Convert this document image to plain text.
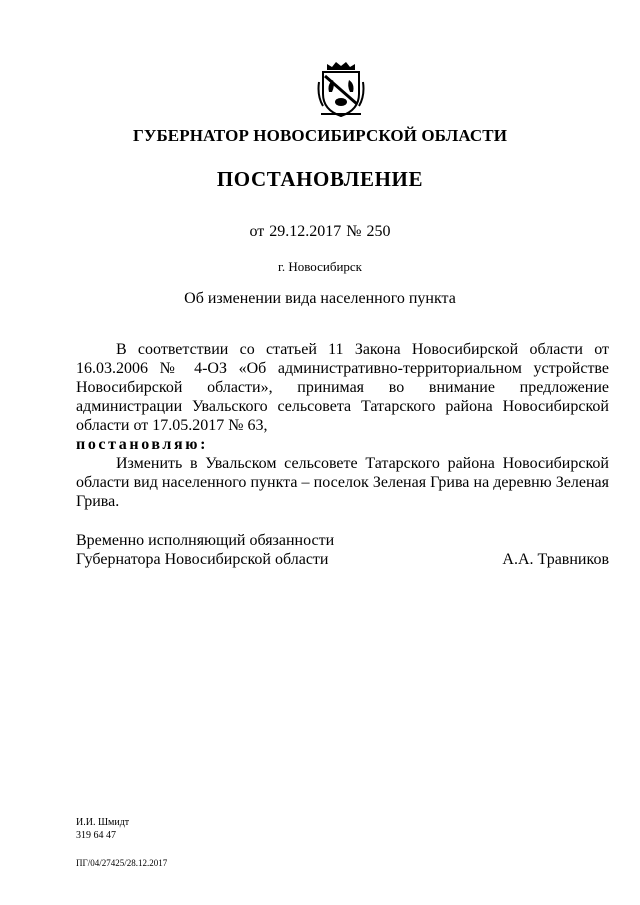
ГУБЕРНАТОР НОВОСИБИРСКОЙ ОБЛАСТИ
ПОСТАНОВЛЕНИЕ
от 29.12.2017 № 250
г. Новосибирск
Об изменении вида населенного пункта

В соответствии со статьей 11 Закона Новосибирской области от 16.03.2006 № 4-ОЗ «Об административно-территориальном устройстве Новосибирской области», принимая во внимание предложение администрации Увальского сельсовета Татарского района Новосибирской области от 17.05.2017 № 63,
постановляю:

Изменить в Увальском сельсовете Татарского района Новосибирской области вид населенного пункта – поселок Зеленая Грива на деревню Зеленая Грива.

Временно исполняющий обязанности
Губернатора Новосибирской области	А.А. Травников
И.И. Шмидт
319 64 47
ПГ/04/27425/28.12.2017
